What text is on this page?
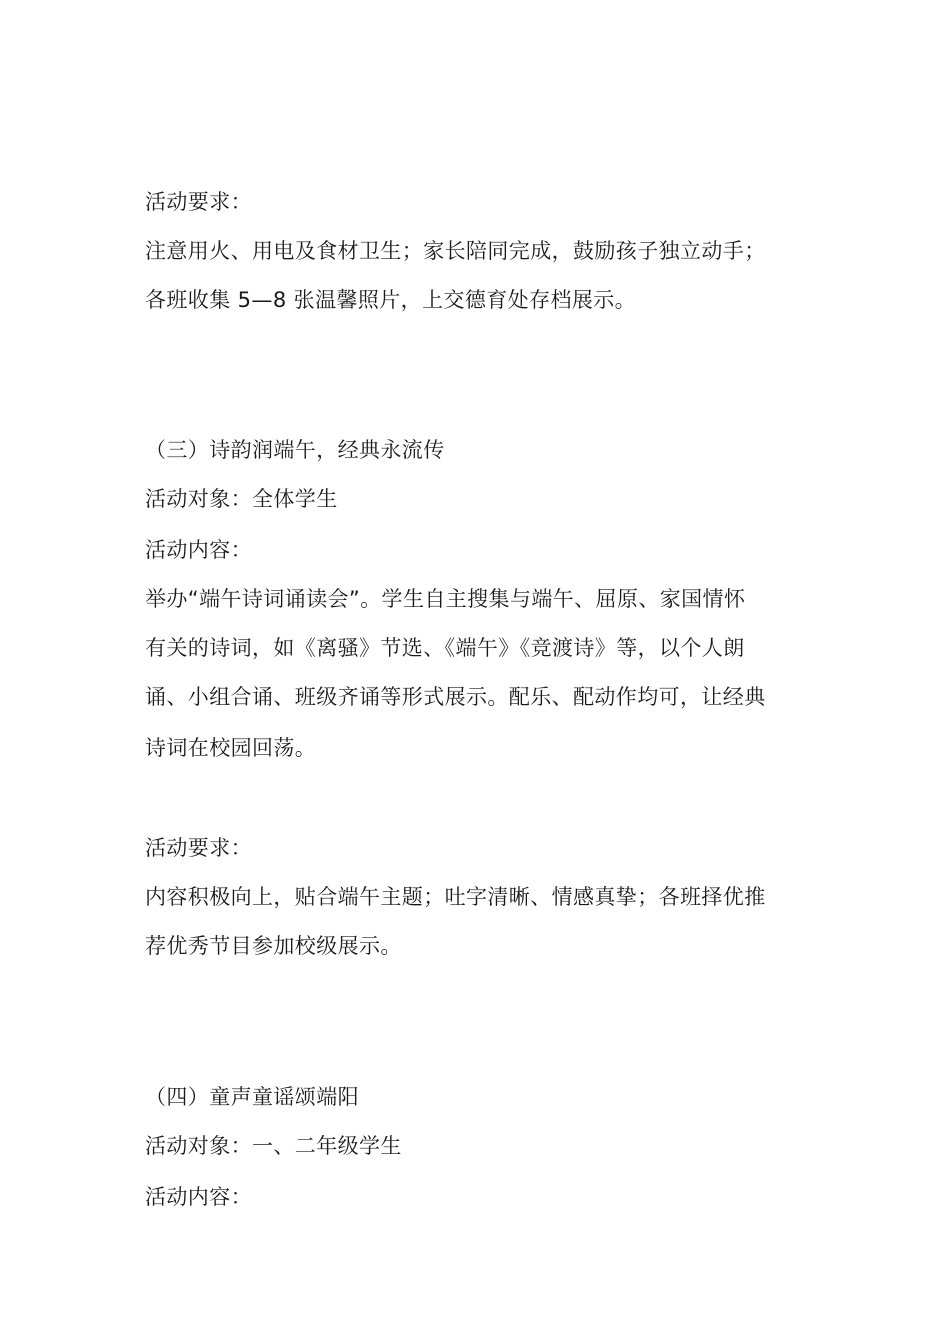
活动要求：
注意用火、用电及食材卫生；家长陪同完成，鼓励孩子独立动手；
各班收集 5—8 张温馨照片，上交德育处存档展示。
（三）诗韵润端午，经典永流传
活动对象：全体学生
活动内容：
举办“端午诗词诵读会”。学生自主搜集与端午、屈原、家国情怀
有关的诗词，如《离骚》节选、《端午》《竞渡诗》等，以个人朗
诵、小组合诵、班级齐诵等形式展示。配乐、配动作均可，让经典
诗词在校园回荡。
活动要求：
内容积极向上，贴合端午主题；吐字清晰、情感真挚；各班择优推
荐优秀节目参加校级展示。
（四）童声童谣颂端阳
活动对象：一、二年级学生
活动内容：
